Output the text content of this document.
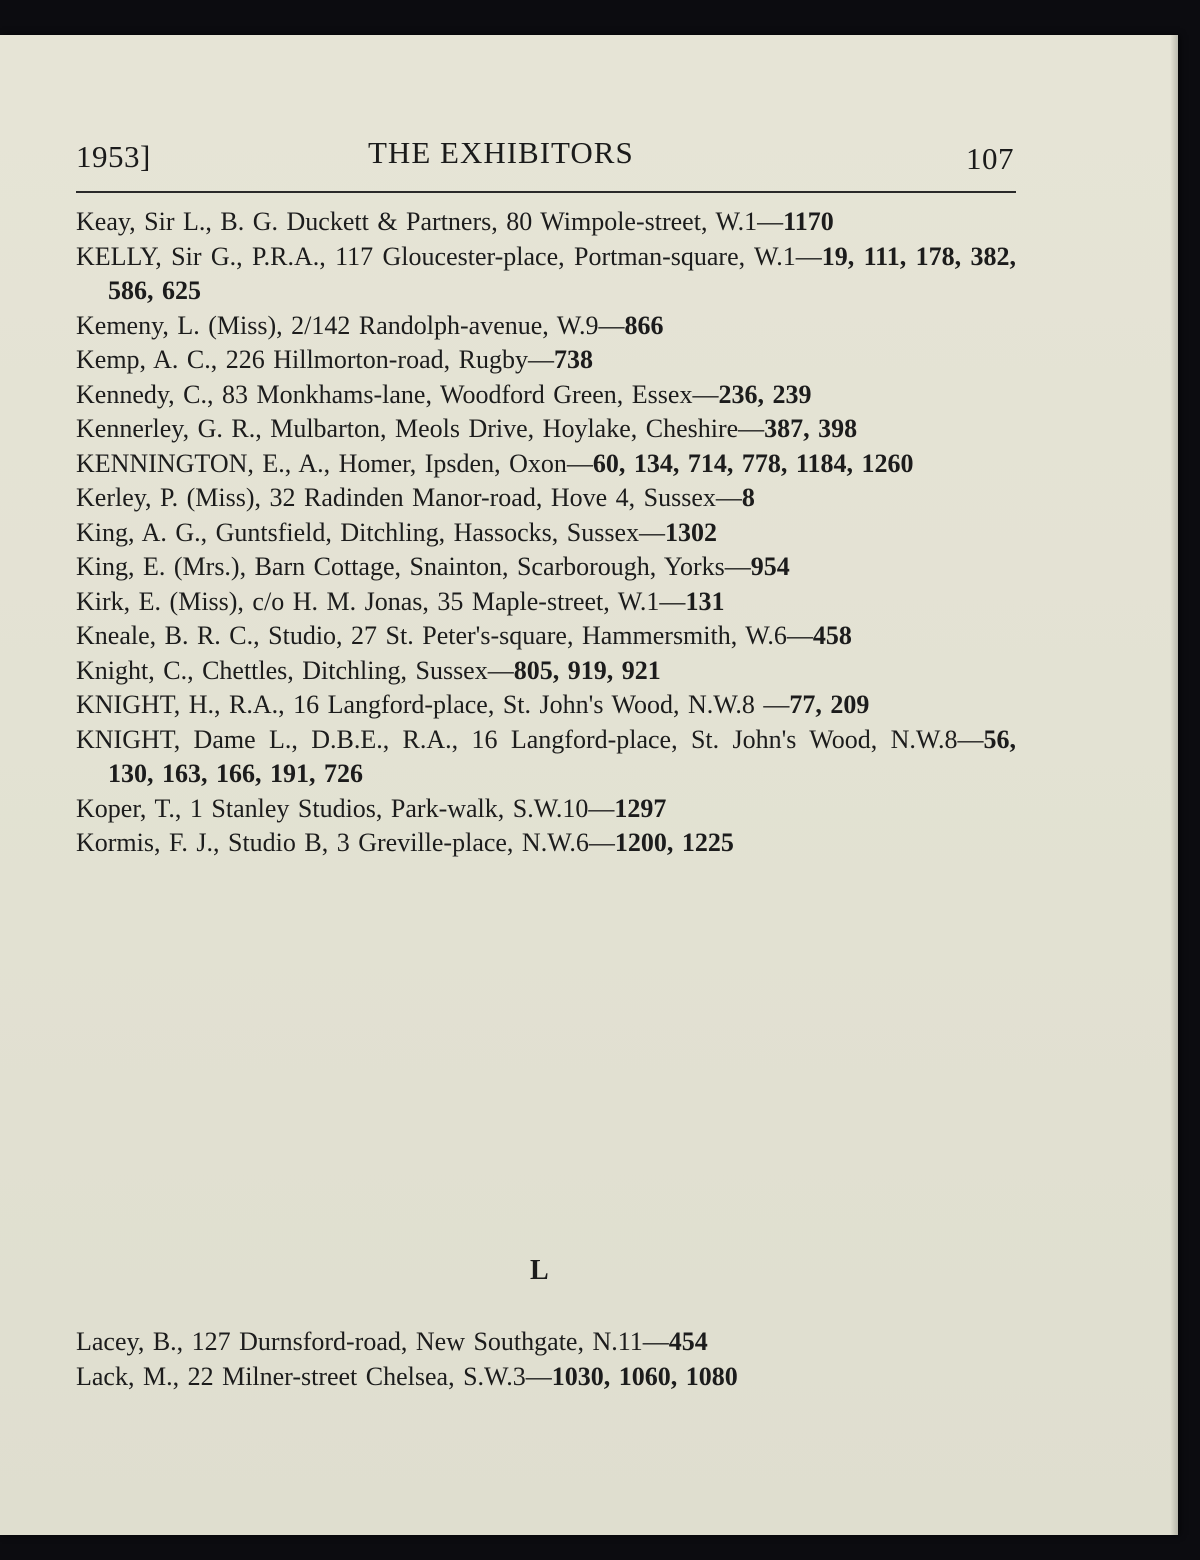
1953]	THE EXHIBITORS	107
Keay, Sir L., B. G. Duckett & Partners, 80 Wimpole-street, W.1—1170
KELLY, Sir G., P.R.A., 117 Gloucester-place, Portman-square, W.1—19, 111, 178, 382, 586, 625
Kemeny, L. (Miss), 2/142 Randolph-avenue, W.9—866
Kemp, A. C., 226 Hillmorton-road, Rugby—738
Kennedy, C., 83 Monkhams-lane, Woodford Green, Essex—236, 239
Kennerley, G. R., Mulbarton, Meols Drive, Hoylake, Cheshire—387, 398
KENNINGTON, E., A., Homer, Ipsden, Oxon—60, 134, 714, 778, 1184, 1260
Kerley, P. (Miss), 32 Radinden Manor-road, Hove 4, Sussex—8
King, A. G., Guntsfield, Ditchling, Hassocks, Sussex—1302
King, E. (Mrs.), Barn Cottage, Snainton, Scarborough, Yorks—954
Kirk, E. (Miss), c/o H. M. Jonas, 35 Maple-street, W.1—131
Kneale, B. R. C., Studio, 27 St. Peter's-square, Hammersmith, W.6—458
Knight, C., Chettles, Ditchling, Sussex—805, 919, 921
KNIGHT, H., R.A., 16 Langford-place, St. John's Wood, N.W.8 —77, 209
KNIGHT, Dame L., D.B.E., R.A., 16 Langford-place, St. John's Wood, N.W.8—56, 130, 163, 166, 191, 726
Koper, T., 1 Stanley Studios, Park-walk, S.W.10—1297
Kormis, F. J., Studio B, 3 Greville-place, N.W.6—1200, 1225
L
Lacey, B., 127 Durnsford-road, New Southgate, N.11—454
Lack, M., 22 Milner-street Chelsea, S.W.3—1030, 1060, 1080
